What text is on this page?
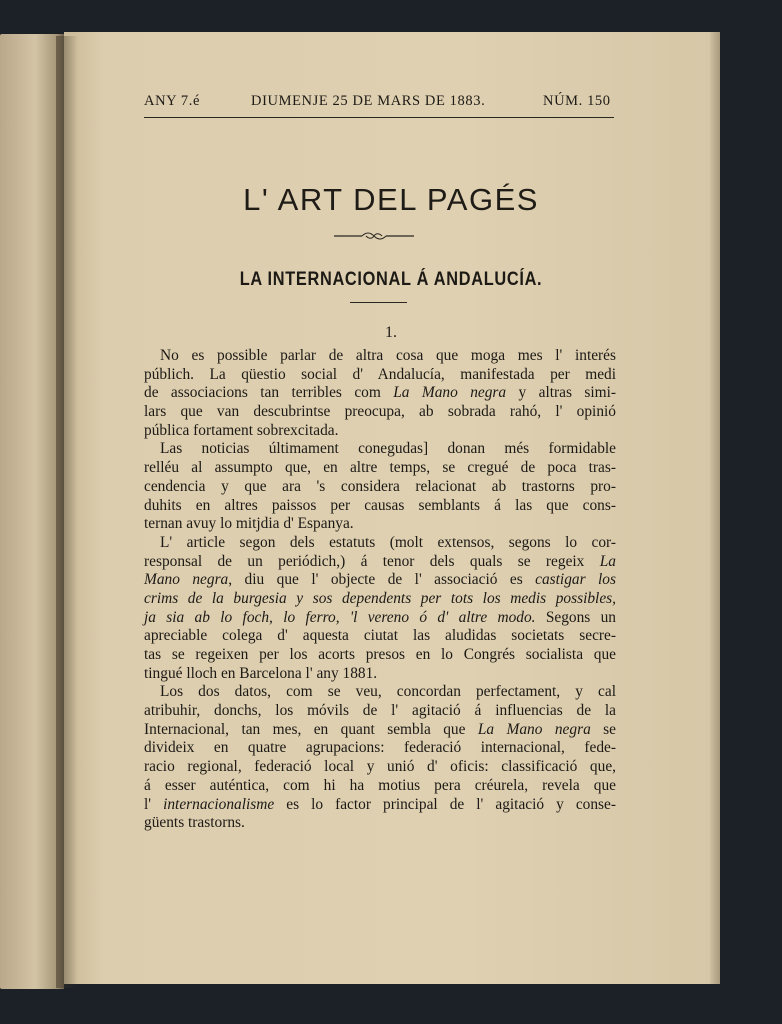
ANY 7.é	DIUMENJE 25 DE MARS DE 1883.	NÚM. 150
L' ART DEL PAGÉS
LA INTERNACIONAL Á ANDALUCÍA.
1.
No es possible parlar de altra cosa que moga mes l' interés
públich. La qüestio social d' Andalucía, manifestada per medi
de associacions tan terribles com La Mano negra y altras simi-
lars que van descubrintse preocupa, ab sobrada rahó, l' opinió
pública fortament sobrexcitada.
Las noticias últimament conegudas] donan més formidable
relléu al assumpto que, en altre temps, se cregué de poca tras-
cendencia y que ara 's considera relacionat ab trastorns pro-
duhits en altres paissos per causas semblants á las que cons-
ternan avuy lo mitjdia d' Espanya.
L' article segon dels estatuts (molt extensos, segons lo cor-
responsal de un periódich,) á tenor dels quals se regeix La
Mano negra, diu que l' objecte de l' associació es castigar los
crims de la burgesia y sos dependents per tots los medis possibles,
ja sia ab lo foch, lo ferro, 'l vereno ó d' altre modo. Segons un
apreciable colega d' aquesta ciutat las aludidas societats secre-
tas se regeixen per los acorts presos en lo Congrés socialista que
tingué lloch en Barcelona l' any 1881.
Los dos datos, com se veu, concordan perfectament, y cal
atribuhir, donchs, los móvils de l' agitació á influencias de la
Internacional, tan mes, en quant sembla que La Mano negra se
divideix en quatre agrupacions: federació internacional, fede-
racio regional, federació local y unió d' oficis: classificació que,
á esser auténtica, com hi ha motius pera créurela, revela que
l' internacionalisme es lo factor principal de l' agitació y conse-
güents trastorns.
